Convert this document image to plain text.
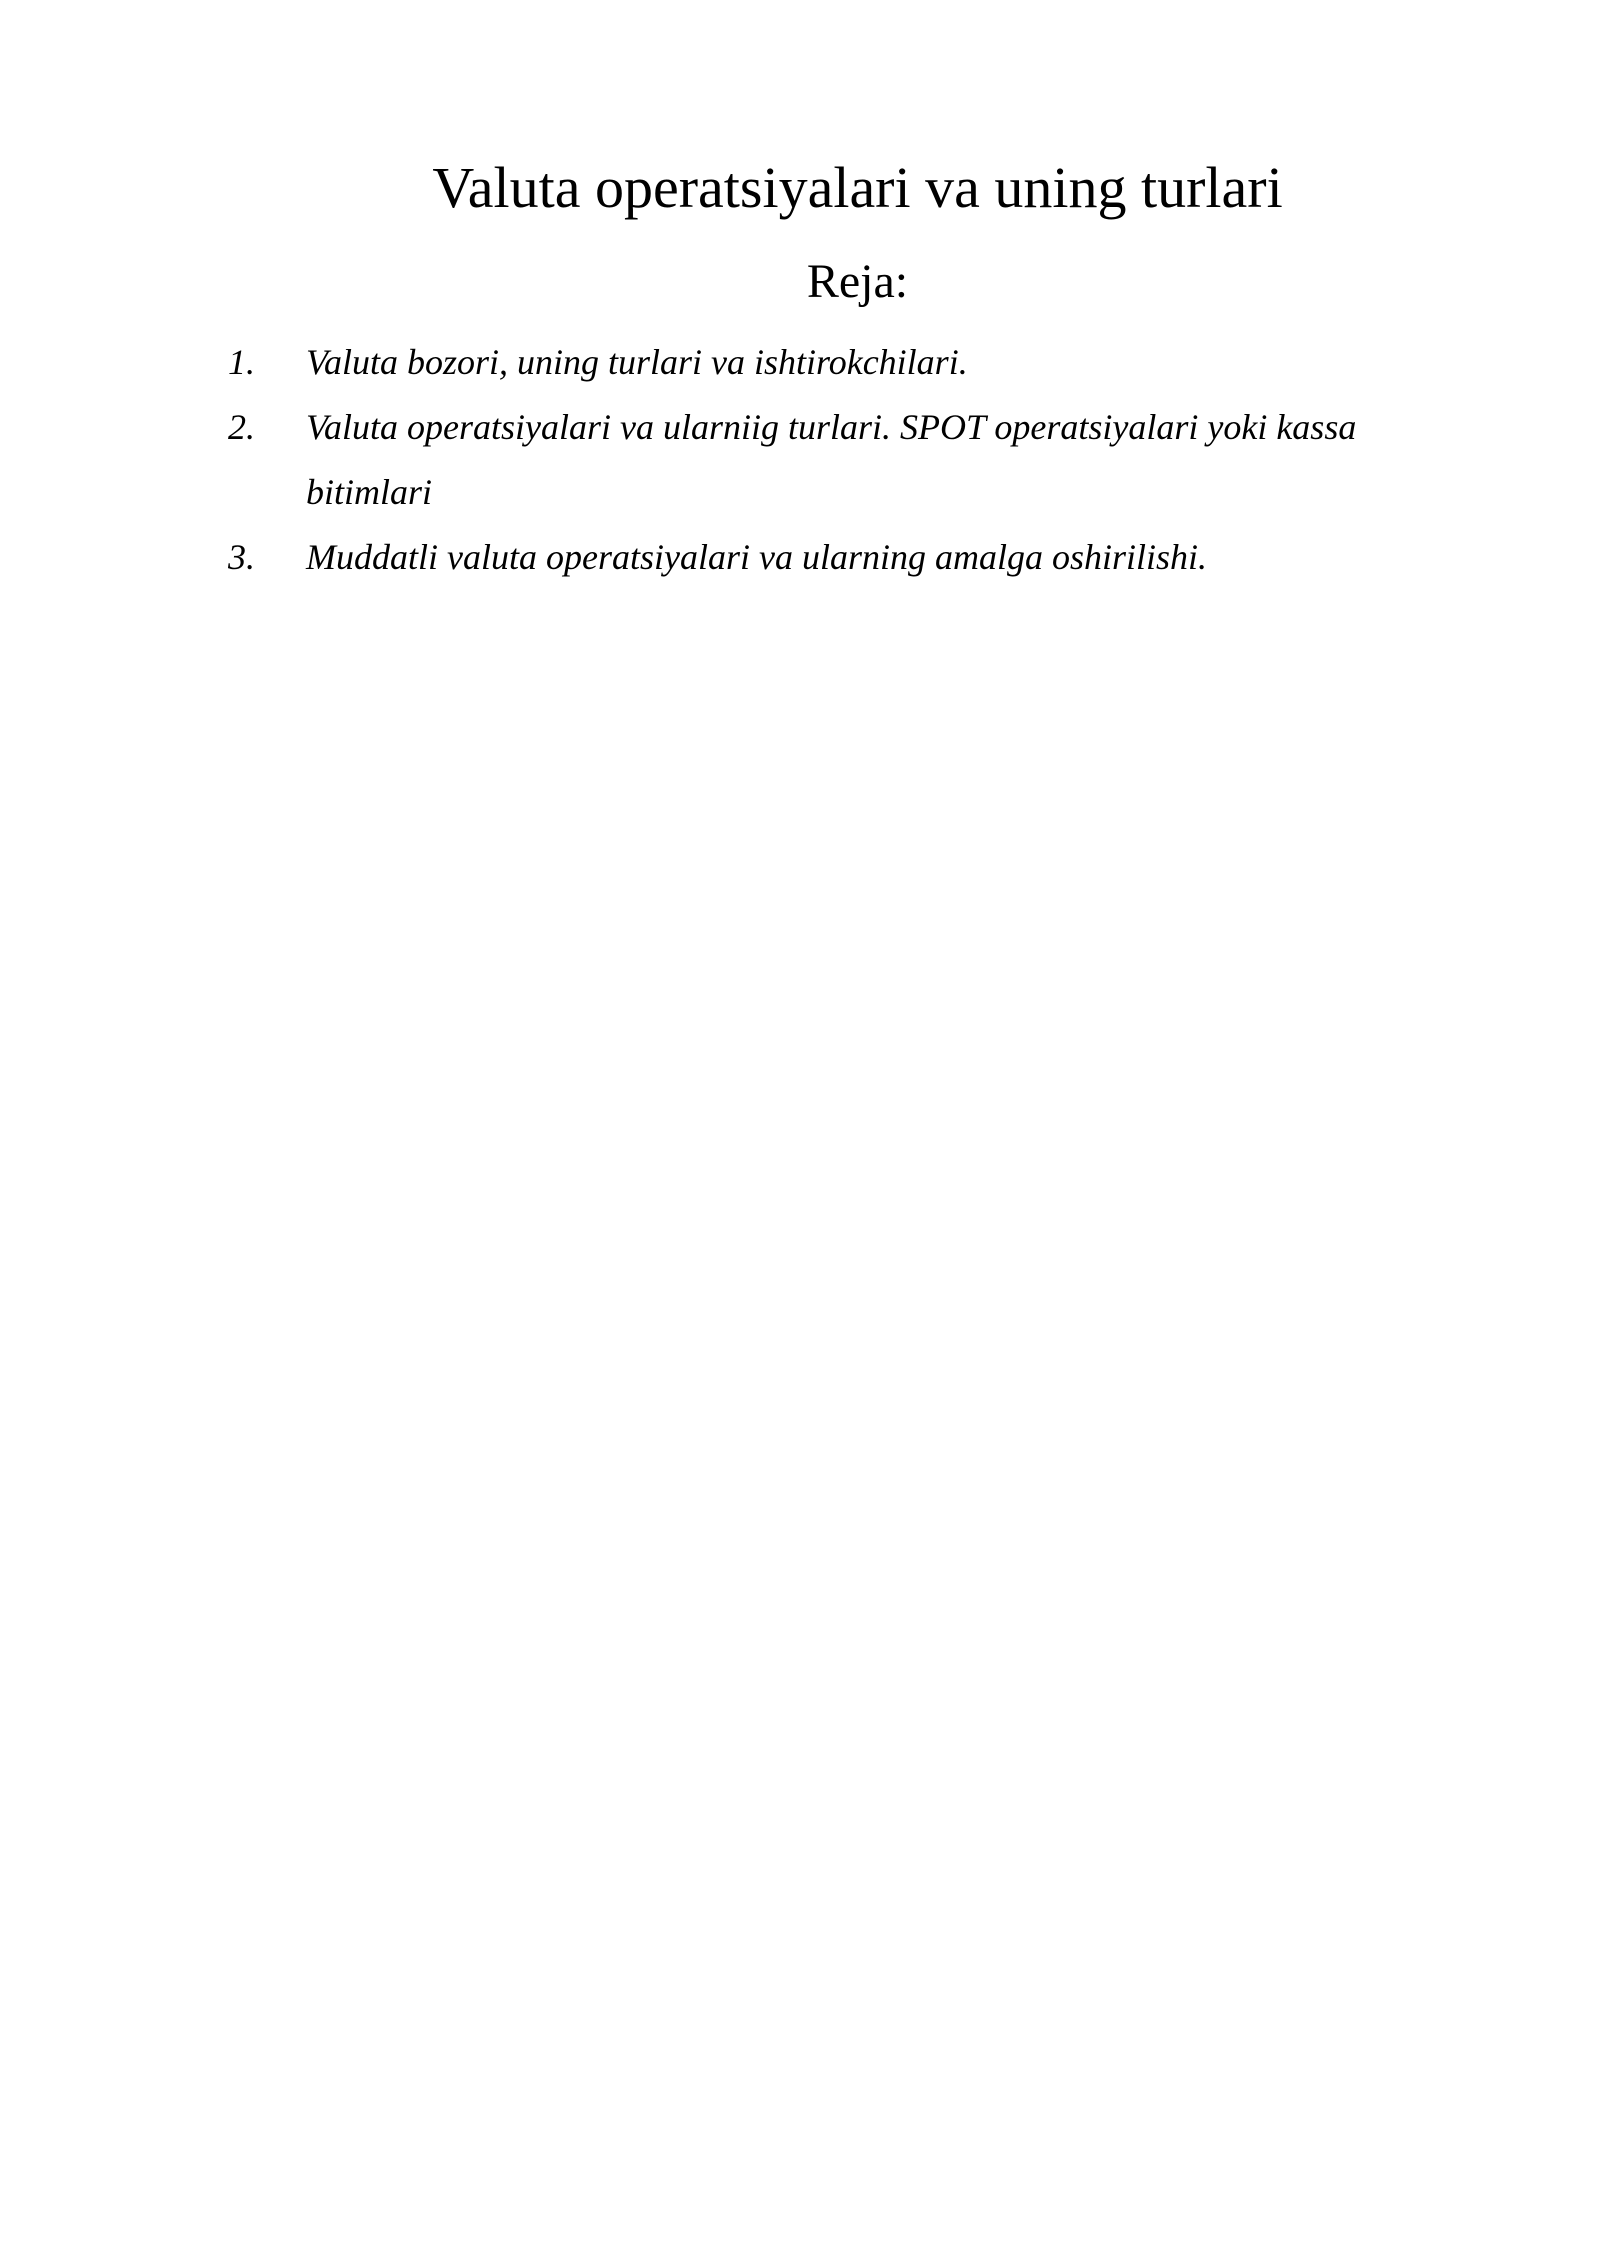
Valuta operatsiyalari va uning turlari
Reja:
1. Valuta bozori, uning turlari va ishtirokchilari.
2. Valuta operatsiyalari va ularniig turlari. SPOT operatsiyalari yoki kassa bitimlari
3. Muddatli valuta operatsiyalari va ularning amalga oshirilishi.
